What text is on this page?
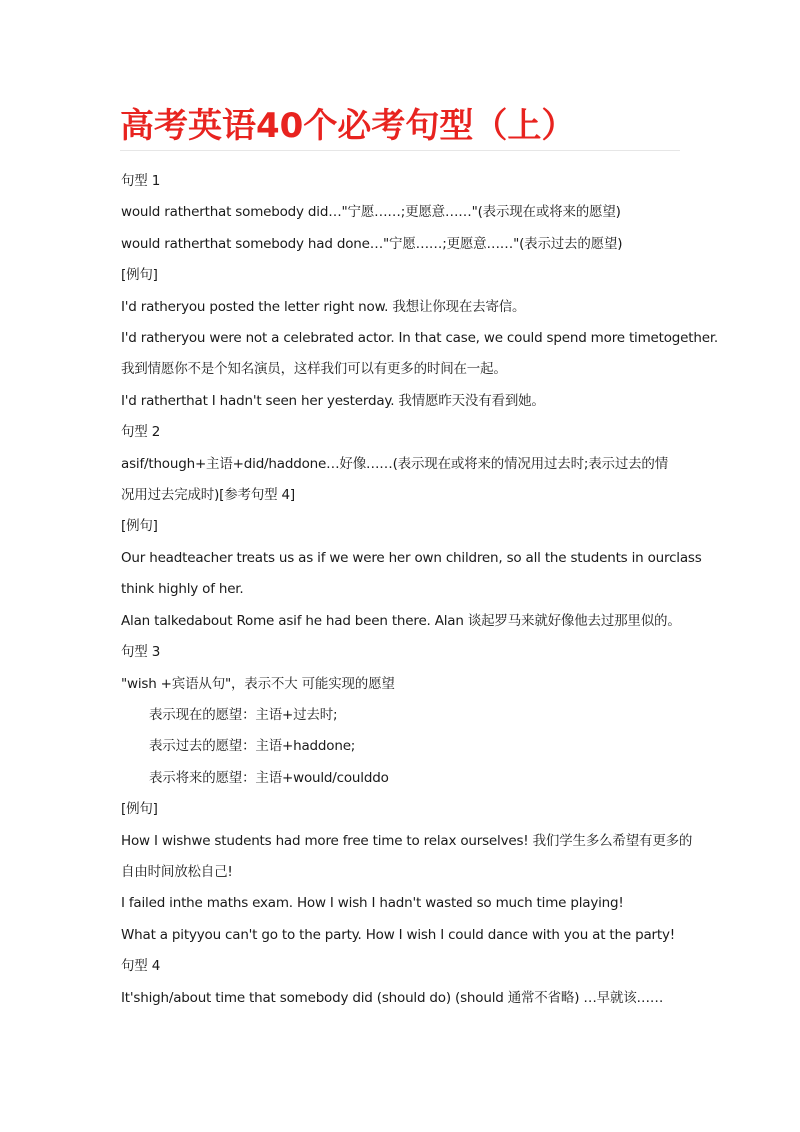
高考英语40个必考句型（上）

句型 1

would ratherthat somebody did…"宁愿……;更愿意……"(表示现在或将来的愿望)

would ratherthat somebody had done…"宁愿……;更愿意……"(表示过去的愿望)

[例句]

I'd ratheryou posted the letter right now. 我想让你现在去寄信。

I'd ratheryou were not a celebrated actor. In that case, we could spend more timetogether.

我到情愿你不是个知名演员，这样我们可以有更多的时间在一起。

I'd ratherthat I hadn't seen her yesterday. 我情愿昨天没有看到她。

句型 2

asif/though+主语+did/haddone…好像……(表示现在或将来的情况用过去时;表示过去的情

况用过去完成时)[参考句型 4]

[例句]

Our headteacher treats us as if we were her own children, so all the students in ourclass

think highly of her.

Alan talkedabout Rome asif he had been there. Alan 谈起罗马来就好像他去过那里似的。

句型 3

"wish +宾语从句"，表示不大 可能实现的愿望

表示现在的愿望：主语+过去时;

表示过去的愿望：主语+haddone;

表示将来的愿望：主语+would/coulddo

[例句]

How I wishwe students had more free time to relax ourselves! 我们学生多么希望有更多的

自由时间放松自己!

I failed inthe maths exam. How I wish I hadn't wasted so much time playing!

What a pityyou can't go to the party. How I wish I could dance with you at the party!

句型 4

It'shigh/about time that somebody did (should do) (should 通常不省略) …早就该……
